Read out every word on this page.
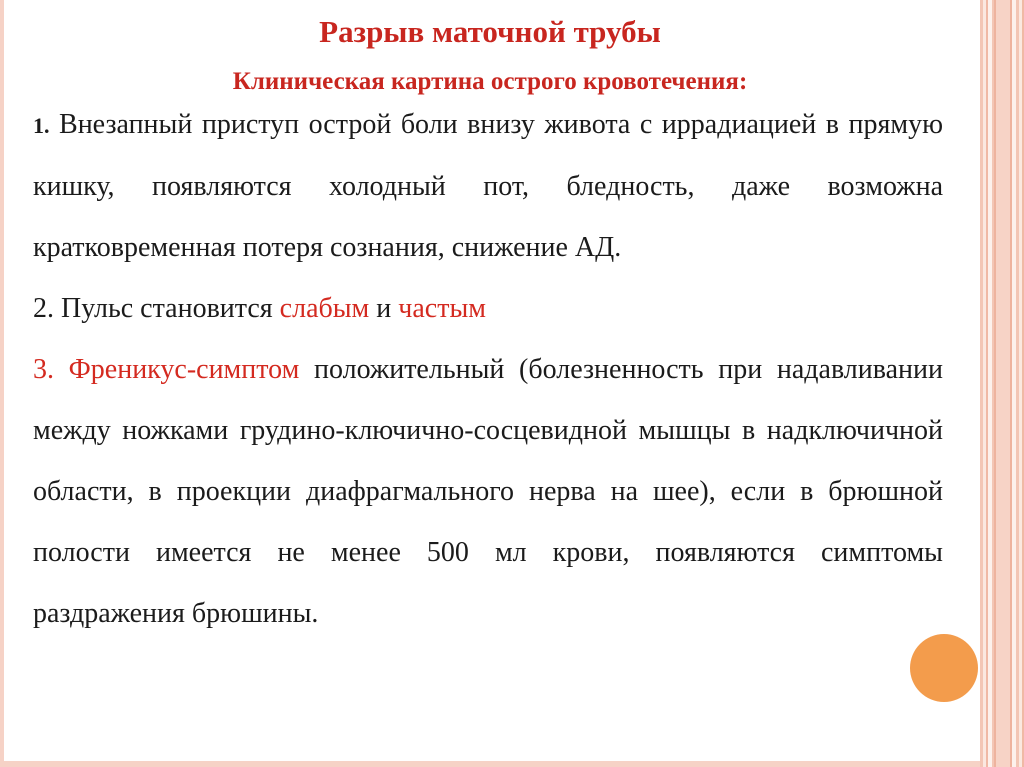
Разрыв маточной трубы
Клиническая картина острого кровотечения:

1. Внезапный приступ острой боли внизу живота с иррадиацией в прямую кишку, появляются холодный пот, бледность, даже возможна кратковременная потеря сознания, снижение АД.

2. Пульс становится слабым и частым

3. Френикус-симптом положительный (болезненность при надавливании между ножками грудино-ключично-сосцевидной мышцы в надключичной области, в проекции диафрагмального нерва на шее), если в брюшной полости имеется не менее 500 мл крови, появляются симптомы раздражения брюшины.
